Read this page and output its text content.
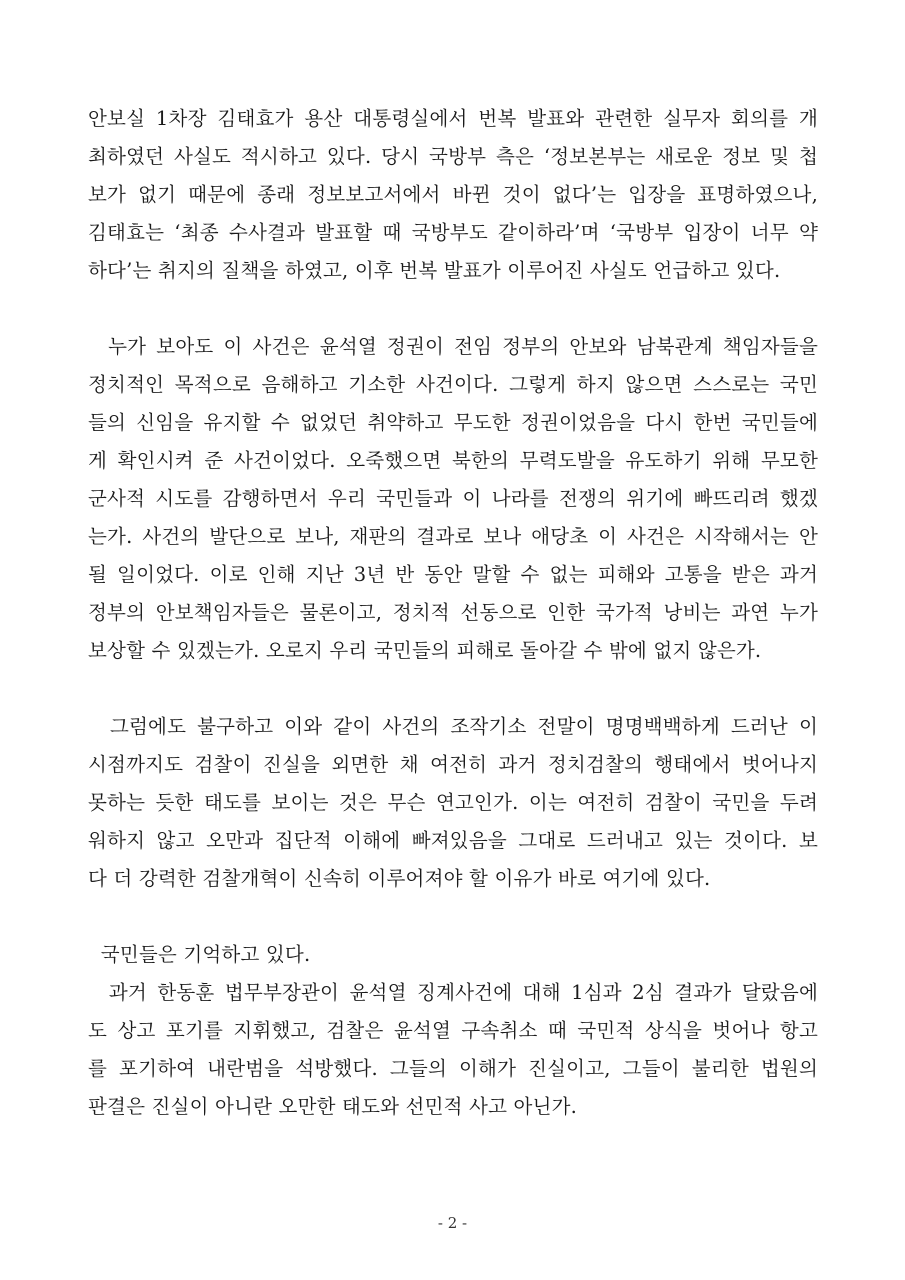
안보실 1차장 김태효가 용산 대통령실에서 번복 발표와 관련한 실무자 회의를 개
최하였던 사실도 적시하고 있다. 당시 국방부 측은 ‘정보본부는 새로운 정보 및 첩
보가 없기 때문에 종래 정보보고서에서 바뀐 것이 없다’는 입장을 표명하였으나,
김태효는 ‘최종 수사결과 발표할 때 국방부도 같이하라’며 ‘국방부 입장이 너무 약
하다’는 취지의 질책을 하였고, 이후 번복 발표가 이루어진 사실도 언급하고 있다.
누가 보아도 이 사건은 윤석열 정권이 전임 정부의 안보와 남북관계 책임자들을
정치적인 목적으로 음해하고 기소한 사건이다. 그렇게 하지 않으면 스스로는 국민
들의 신임을 유지할 수 없었던 취약하고 무도한 정권이었음을 다시 한번 국민들에
게 확인시켜 준 사건이었다. 오죽했으면 북한의 무력도발을 유도하기 위해 무모한
군사적 시도를 감행하면서 우리 국민들과 이 나라를 전쟁의 위기에 빠뜨리려 했겠
는가. 사건의 발단으로 보나, 재판의 결과로 보나 애당초 이 사건은 시작해서는 안
될 일이었다. 이로 인해 지난 3년 반 동안 말할 수 없는 피해와 고통을 받은 과거
정부의 안보책임자들은 물론이고, 정치적 선동으로 인한 국가적 낭비는 과연 누가
보상할 수 있겠는가. 오로지 우리 국민들의 피해로 돌아갈 수 밖에 없지 않은가.
그럼에도 불구하고 이와 같이 사건의 조작기소 전말이 명명백백하게 드러난 이
시점까지도 검찰이 진실을 외면한 채 여전히 과거 정치검찰의 행태에서 벗어나지
못하는 듯한 태도를 보이는 것은 무슨 연고인가. 이는 여전히 검찰이 국민을 두려
워하지 않고 오만과 집단적 이해에 빠져있음을 그대로 드러내고 있는 것이다. 보
다 더 강력한 검찰개혁이 신속히 이루어져야 할 이유가 바로 여기에 있다.
국민들은 기억하고 있다.
과거 한동훈 법무부장관이 윤석열 징계사건에 대해 1심과 2심 결과가 달랐음에
도 상고 포기를 지휘했고, 검찰은 윤석열 구속취소 때 국민적 상식을 벗어나 항고
를 포기하여 내란범을 석방했다. 그들의 이해가 진실이고, 그들이 불리한 법원의
판결은 진실이 아니란 오만한 태도와 선민적 사고 아닌가.
- 2 -
